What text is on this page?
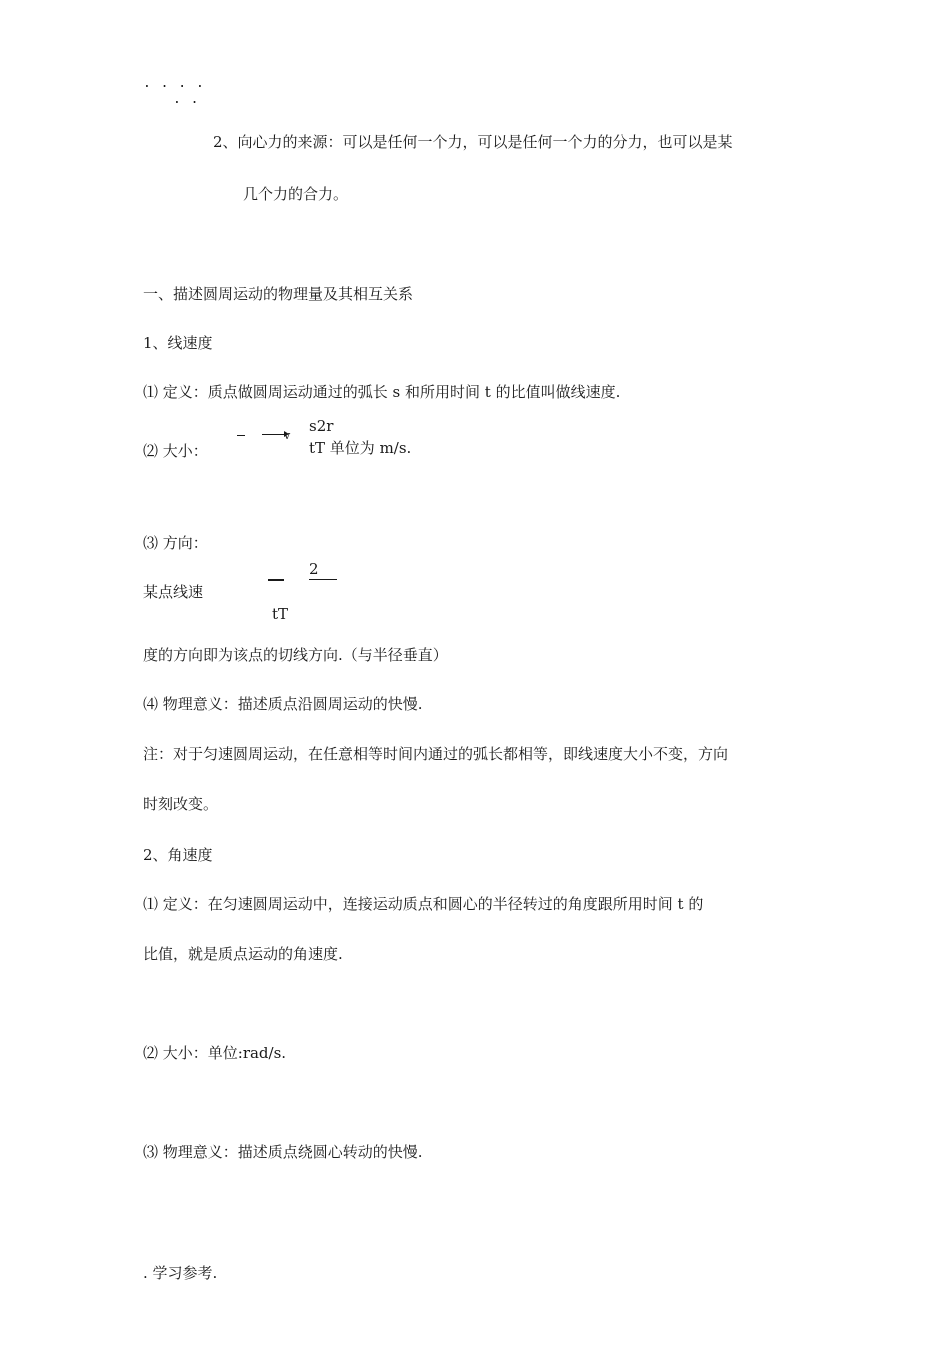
. . . .
. .
2、向心力的来源：可以是任何一个力，可以是任何一个力的分力，也可以是某
几个力的合力。
一、描述圆周运动的物理量及其相互关系
1、线速度
⑴ 定义：质点做圆周运动通过的弧长 s 和所用时间 t 的比值叫做线速度.
⑵ 大小：
v
s2r
tT 单位为 m/s.
⑶ 方向：
某点线速
2
tT
度的方向即为该点的切线方向.（与半径垂直）
⑷ 物理意义：描述质点沿圆周运动的快慢.
注：对于匀速圆周运动，在任意相等时间内通过的弧长都相等，即线速度大小不变，方向
时刻改变。
2、角速度
⑴ 定义：在匀速圆周运动中，连接运动质点和圆心的半径转过的角度跟所用时间 t 的
比值，就是质点运动的角速度.
⑵ 大小：单位:rad/s.
⑶ 物理意义：描述质点绕圆心转动的快慢.
. 学习参考.
